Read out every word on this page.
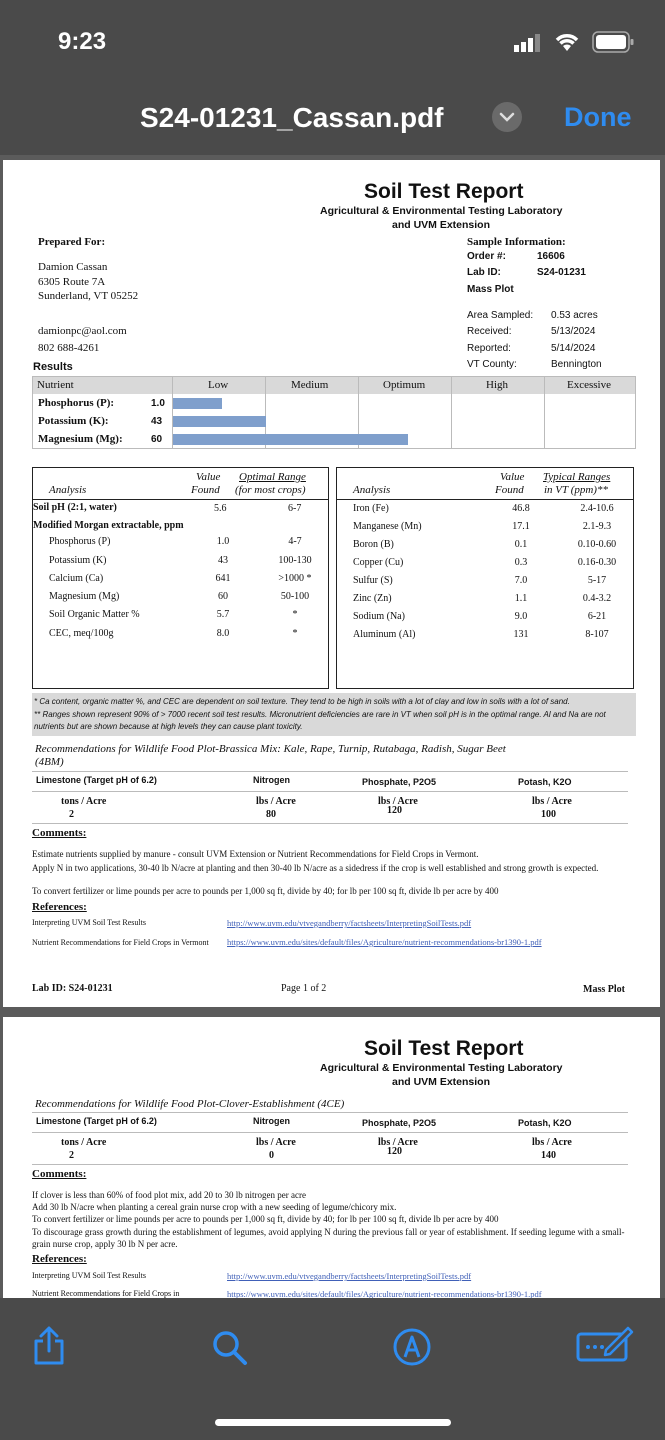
9:23
S24-01231_Cassan.pdf	Done
Soil Test Report
Agricultural & Environmental Testing Laboratory
and UVM Extension
Prepared For:
Damion Cassan
6305 Route 7A
Sunderland, VT 05252
damionpc@aol.com
802 688-4261
Sample Information:
Order #:	16606
Lab ID:	S24-01231
Mass Plot
Area Sampled: 0.53 acres
Received:	5/13/2024
Reported:	5/14/2024
VT County:	Bennington
Results
Nutrient	Low	Medium	Optimum	High	Excessive
Phosphorus (P):	1.0
Potassium (K):	43
Magnesium (Mg):	60
Value
Found
Optimal Range
(for most crops)
Analysis
Soil pH (2:1, water)	5.6	6-7
Modified Morgan extractable, ppm
Phosphorus (P)	1.0	4-7
Potassium (K)	43	100-130
Calcium (Ca)	641	>1000 *
Magnesium (Mg)	60	50-100
Soil Organic Matter %	5.7	*
CEC, meq/100g	8.0	*
Value
Found
Typical Ranges
in VT (ppm)**
Analysis
Iron (Fe)	46.8	2.4-10.6
Manganese (Mn)	17.1	2.1-9.3
Boron (B)	0.1	0.10-0.60
Copper (Cu)	0.3	0.16-0.30
Sulfur (S)	7.0	5-17
Zinc (Zn)	1.1	0.4-3.2
Sodium (Na)	9.0	6-21
Aluminum (Al)	131	8-107
* Ca content, organic matter %, and CEC are dependent on soil texture. They tend to be high in soils with a lot of clay and low in soils with a lot of sand.
** Ranges shown represent 90% of > 7000 recent soil test results. Micronutrient deficiencies are rare in VT when soil pH is in the optimal range. Al and Na are not nutrients but are shown because at high levels they can cause plant toxicity.
Recommendations for Wildlife Food Plot-Brassica Mix: Kale, Rape, Turnip, Rutabaga, Radish, Sugar Beet (4BM)
Limestone (Target pH of 6.2)	Nitrogen	Phosphate, P2O5	Potash, K2O
tons / Acre	lbs / Acre	lbs / Acre	lbs / Acre
2	80	120	100
Comments:
Estimate nutrients supplied by manure - consult UVM Extension or Nutrient Recommendations for Field Crops in Vermont.
Apply N in two applications, 30-40 lb N/acre at planting and then 30-40 lb N/acre as a sidedress if the crop is well established and strong growth is expected.
To convert fertilizer or lime pounds per acre to pounds per 1,000 sq ft, divide by 40; for lb per 100 sq ft, divide lb per acre by 400
References:
Interpreting UVM Soil Test Results	http://www.uvm.edu/vtvegandberry/factsheets/InterpretingSoilTests.pdf
Nutrient Recommendations for Field Crops in Vermont	https://www.uvm.edu/sites/default/files/Agriculture/nutrient-recommendations-br1390-1.pdf
Lab ID: S24-01231	Page 1 of 2	Mass Plot
Soil Test Report
Agricultural & Environmental Testing Laboratory
and UVM Extension
Recommendations for Wildlife Food Plot-Clover-Establishment (4CE)
Limestone (Target pH of 6.2)	Nitrogen	Phosphate, P2O5	Potash, K2O
tons / Acre	lbs / Acre	lbs / Acre	lbs / Acre
2	0	120	140
Comments:
If clover is less than 60% of food plot mix, add 20 to 30 lb nitrogen per acre
Add 30 lb N/acre when planting a cereal grain nurse crop with a new seeding of legume/chicory mix.
To convert fertilizer or lime pounds per acre to pounds per 1,000 sq ft, divide by 40; for lb per 100 sq ft, divide lb per acre by 400
To discourage grass growth during the establishment of legumes, avoid applying N during the previous fall or year of establishment. If seeding legume with a small-grain nurse crop, apply 30 lb N per acre.
References:
Interpreting UVM Soil Test Results	http://www.uvm.edu/vtvegandberry/factsheets/InterpretingSoilTests.pdf
Nutrient Recommendations for Field Crops in	https://www.uvm.edu/sites/default/files/Agriculture/nutrient-recommendations-br1390-1.pdf
